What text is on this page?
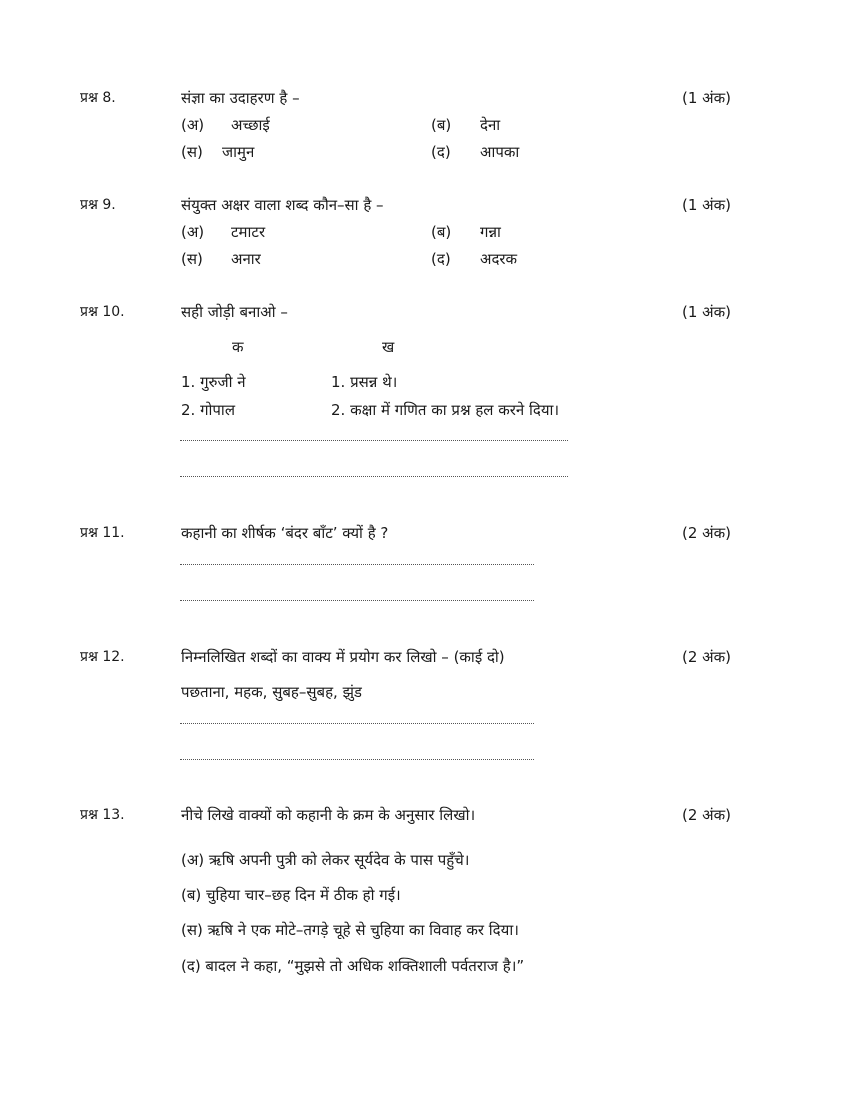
प्रश्न 8.	संज्ञा का उदाहरण है –	(1 अंक)
(अ) अच्छाई	(ब) देना
(स) जामुन	(द) आपका
प्रश्न 9.	संयुक्त अक्षर वाला शब्द कौन–सा है –	(1 अंक)
(अ) टमाटर	(ब) गन्ना
(स) अनार	(द) अदरक
प्रश्न 10.	सही जोड़ी बनाओ –	(1 अंक)
क	ख
1. गुरुजी ने	1. प्रसन्न थे।
2. गोपाल	2. कक्षा में गणित का प्रश्न हल करने दिया।
प्रश्न 11.	कहानी का शीर्षक ‘बंदर बाँट’ क्यों है ?	(2 अंक)
प्रश्न 12.	निम्नलिखित शब्दों का वाक्य में प्रयोग कर लिखो – (काई दो)	(2 अंक)
पछताना, महक, सुबह–सुबह, झुंड
प्रश्न 13.	नीचे लिखे वाक्यों को कहानी के क्रम के अनुसार लिखो।	(2 अंक)
(अ) ऋषि अपनी पुत्री को लेकर सूर्यदेव के पास पहुँचे।
(ब) चुहिया चार–छह दिन में ठीक हो गई।
(स) ऋषि ने एक मोटे–तगड़े चूहे से चुहिया का विवाह कर दिया।
(द) बादल ने कहा, “मुझसे तो अधिक शक्तिशाली पर्वतराज है।”
